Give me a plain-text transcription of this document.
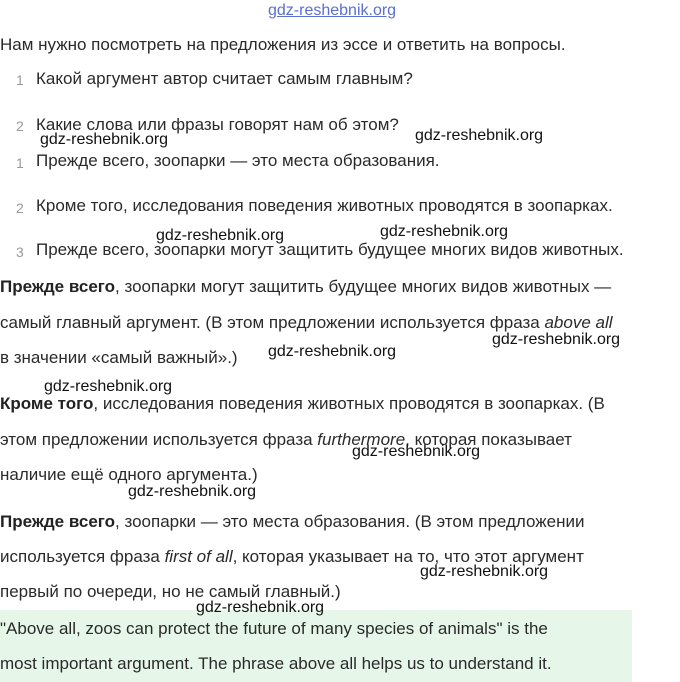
gdz-reshebnik.org
Нам нужно посмотреть на предложения из эссе и ответить на вопросы.
1 Какой аргумент автор считает самым главным?
2 Какие слова или фразы говорят нам об этом?
1 Прежде всего, зоопарки — это места образования.
2 Кроме того, исследования поведения животных проводятся в зоопарках.
3 Прежде всего, зоопарки могут защитить будущее многих видов животных.
Прежде всего, зоопарки могут защитить будущее многих видов животных —
самый главный аргумент. (В этом предложении используется фраза above all
в значении «самый важный».)
Кроме того, исследования поведения животных проводятся в зоопарках. (В
этом предложении используется фраза furthermore, которая показывает
наличие ещё одного аргумента.)
Прежде всего, зоопарки — это места образования. (В этом предложении
используется фраза first of all, которая указывает на то, что этот аргумент
первый по очереди, но не самый главный.)
"Above all, zoos can protect the future of many species of animals" is the
most important argument. The phrase above all helps us to understand it.
gdz-reshebnik.org	gdz-reshebnik.org
gdz-reshebnik.org	gdz-reshebnik.org
gdz-reshebnik.org
gdz-reshebnik.org
gdz-reshebnik.org
gdz-reshebnik.org
gdz-reshebnik.org
gdz-reshebnik.org
gdz-reshebnik.org
